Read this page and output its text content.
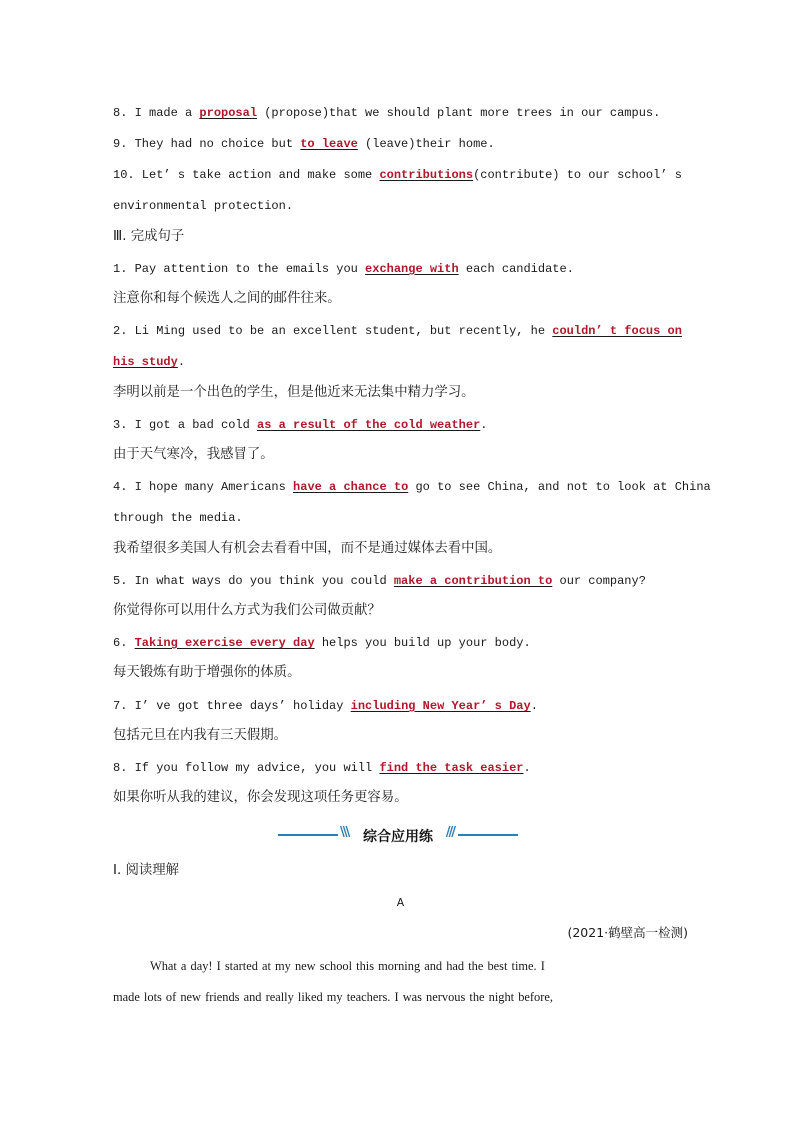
8. I made a proposal (propose)that we should plant more trees in our campus.
9. They had no choice but to leave (leave)their home.
10. Let’ s take action and make some contributions(contribute) to our school’ s
environmental protection.
Ⅲ. 完成句子
1. Pay attention to the emails you exchange with each candidate.
注意你和每个候选人之间的邮件往来。
2. Li Ming used to be an excellent student, but recently, he couldn’ t focus on
his study.
李明以前是一个出色的学生，但是他近来无法集中精力学习。
3. I got a bad cold as a result of the cold weather.
由于天气寒冷，我感冒了。
4. I hope many Americans have a chance to go to see China, and not to look at China
through the media.
我希望很多美国人有机会去看看中国，而不是通过媒体去看中国。
5. In what ways do you think you could make a contribution to our company?
你觉得你可以用什么方式为我们公司做贡献？
6. Taking exercise every day helps you build up your body.
每天锻炼有助于增强你的体质。
7. I’ ve got three days’ holiday including New Year’ s Day.
包括元旦在内我有三天假期。
8. If you follow my advice, you will find the task easier.
如果你听从我的建议，你会发现这项任务更容易。
\\\	综合应用练 ///
Ⅰ. 阅读理解
A
(2021·鹤壁高一检测)
What a day! I started at my new school this morning and had the best time. I
made lots of new friends and really liked my teachers. I was nervous the night before,
